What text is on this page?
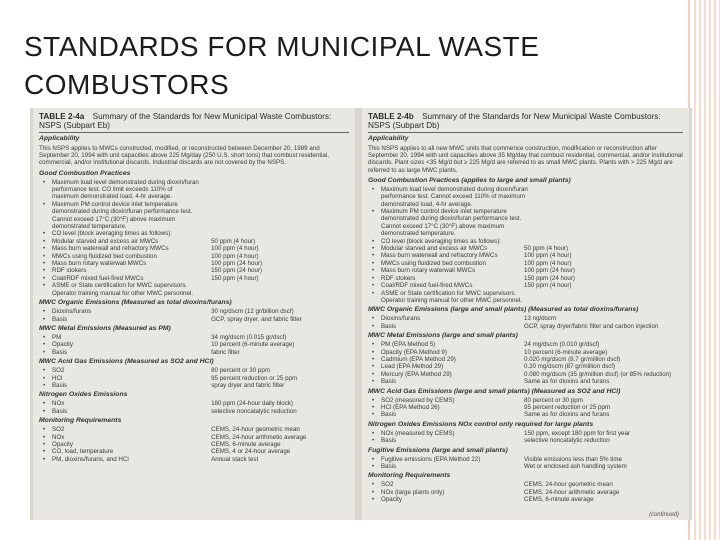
STANDARDS FOR MUNICIPAL WASTE COMBUSTORS
TABLE 2-4a Summary of the Standards for New Municipal Waste Combustors: NSPS (Subpart Eb)
Applicability
This NSPS applies to MWCs constructed, modified, or reconstructed between December 20, 1989 and September 20, 1994 with unit capacities above 225 Mg/day (250 U.S. short tons) that combust residential, commercial, and/or institutional discards. Industrial discards are not covered by the NSPS.
Good Combustion Practices
•	Maximum load level demonstrated during dioxin/furan performance test. CO limit exceeds 110% of maximum demonstrated load, 4-hr average.
•	Maximum PM control device inlet temperature demonstrated during dioxin/furan performance test. Cannot exceed 17°C (30°F) above maximum demonstrated temperature.
•	CO level (block averaging times as follows):
•	Modular starved and excess air MWCs	50 ppm (4 hour)
•	Mass burn waterwall and refractory MWCs	100 ppm (4 hour)
•	MWCs using fluidized bed combustion	100 ppm (4 hour)
•	Mass burn rotary waterwall MWCs	100 ppm (24 hour)
•	RDF stokers	150 ppm (24 hour)
•	Coal/RDF mixed fuel-fired MWCs	150 ppm (4 hour)
•	ASME or State certification for MWC supervisors. Operator training manual for other MWC personnel.
MWC Organic Emissions (Measured as total dioxins/furans)
•	Dioxins/furans	30 ng/dscm (12 gr/billion dscf)
•	Basis	GCP, spray dryer, and fabric filter
MWC Metal Emissions (Measured as PM)
•	PM	34 mg/dscm (0.015 gr/dscf)
•	Opacity	10 percent (6-minute average)
•	Basis	fabric filter
MWC Acid Gas Emissions (Measured as SO2 and HCl)
•	SO2	80 percent or 30 ppm
•	HCl	95 percent reduction or 25 ppm
•	Basis	spray dryer and fabric filter
Nitrogen Oxides Emissions
•	NOx	180 ppm (24-hour daily block)
•	Basis	selective noncatalytic reduction
Monitoring Requirements
•	SO2	CEMS, 24-hour geometric mean
•	NOx	CEMS, 24-hour arithmetic average
•	Opacity	CEMS, 6-minute average
•	CO, load, temperature	CEMS, 4 or 24-hour average
•	PM, dioxins/furans, and HCl	Annual stack test
TABLE 2-4b Summary of the Standards for New Municipal Waste Combustors: NSPS (Subpart Db)
Applicability
This NSPS applies to all new MWC units that commence construction, modification or reconstruction after September 20, 1994 with unit capacities above 35 Mg/day that combust residential, commercial, and/or institutional discards. Plant sizes <35 Mg/d but ≥ 225 Mg/d are referred to as small MWC plants. Plants with > 225 Mg/d are referred to as large MWC plants.
Good Combustion Practices (applies to large and small plants)
•	Maximum load level demonstrated during dioxin/furan performance test. Cannot exceed 110% of maximum demonstrated load, 4-hr average.
•	Maximum PM control device inlet temperature demonstrated during dioxin/furan performance test. Cannot exceed 17°C (30°F) above maximum demonstrated temperature.
•	CO level (block averaging times as follows):
•	Modular starved and excess air MWCs	50 ppm (4 hour)
•	Mass burn waterwall and refractory MWCs	100 ppm (4 hour)
•	MWCs using fluidized bed combustion	100 ppm (4 hour)
•	Mass burn rotary waterwall MWCs	100 ppm (24 hour)
•	RDF stokers	150 ppm (24 hour)
•	Coal/RDF mixed fuel-fired MWCs	150 ppm (4 hour)
•	ASME or State certification for MWC supervisors. Operator training manual for other MWC personnel.
MWC Organic Emissions (large and small plants) (Measured as total dioxins/furans)
•	Dioxins/furans	13 ng/dscm
•	Basis	GCP, spray dryer/fabric filter and carbon injection
MWC Metal Emissions (large and small plants)
•	PM (EPA Method 5)	24 mg/dscm (0.010 gr/dscf)
•	Opacity (EPA Method 9)	10 percent (6-minute average)
•	Cadmium (EPA Method 29)	0.020 mg/dscm (8.7 gr/million dscf)
•	Lead (EPA Method 29)	0.20 mg/dscm (87 gr/million dscf)
•	Mercury (EPA Method 29)	0.080 mg/dscm (35 gr/million dscf) (or 85% reduction)
•	Basis	Same as for dioxins and furans
MWC Acid Gas Emissions (large and small plants) (Measured as SO2 and HCl)
•	SO2 (measured by CEMS)	80 percent or 30 ppm
•	HCl (EPA Method 26)	95 percent reduction or 25 ppm
•	Basis	Same as for dioxins and furans
Nitrogen Oxides Emissions NOx control only required for large plants
•	NOx (measured by CEMS)	150 ppm, except 180 ppm for first year
•	Basis	selective noncatalytic reduction
Fugitive Emissions (large and small plants)
•	Fugitive emissions (EPA Method 22)	Visible emissions less than 5% time
•	Basis	Wet or enclosed ash handling system
Monitoring Requirements
•	SO2	CEMS, 24-hour geometric mean
•	NOx (large plants only)	CEMS, 24-hour arithmetic average
•	Opacity	CEMS, 6-minute average
(continued)
